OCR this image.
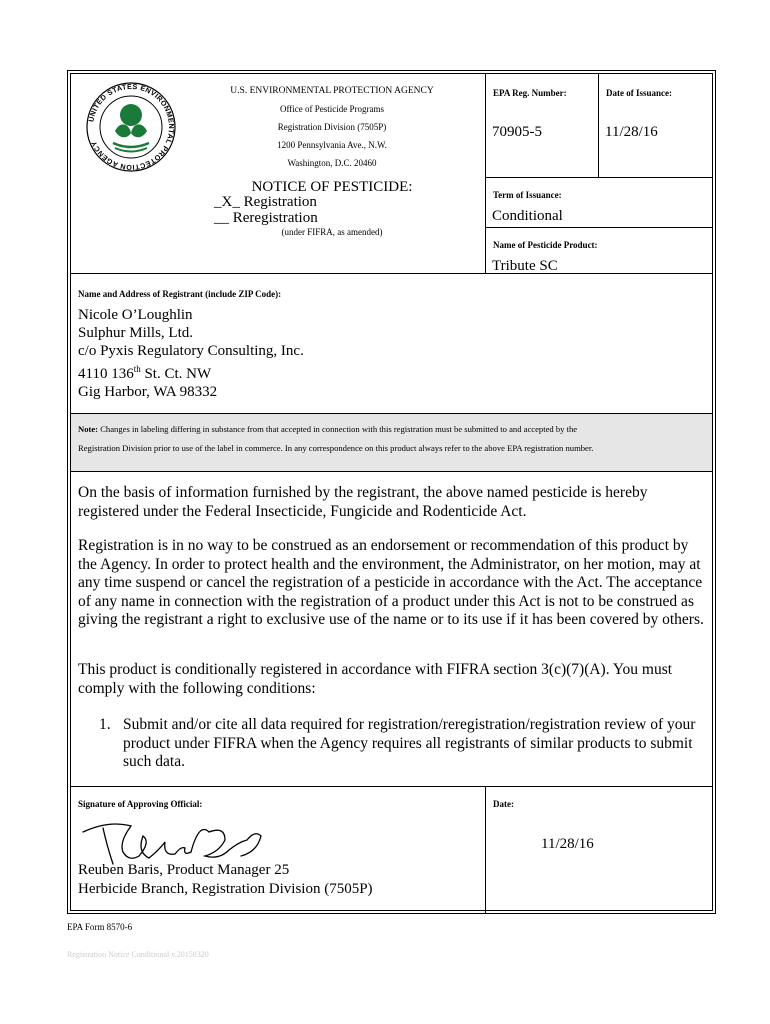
UNITED STATES ENVIRONMENTAL PROTECTION AGENCY
U.S. ENVIRONMENTAL PROTECTION AGENCY
Office of Pesticide Programs
Registration Division (7505P)
1200 Pennsylvania Ave., N.W.
Washington, D.C. 20460
NOTICE OF PESTICIDE:
_X_ Registration
__ Reregistration
(under FIFRA, as amended)
EPA Reg. Number:
70905-5
Date of Issuance:
11/28/16
Term of Issuance:
Conditional
Name of Pesticide Product:
Tribute SC
Name and Address of Registrant (include ZIP Code):
Nicole O’Loughlin
Sulphur Mills, Ltd.
c/o Pyxis Regulatory Consulting, Inc.
4110 136th St. Ct. NW
Gig Harbor, WA 98332
Note: Changes in labeling differing in substance from that accepted in connection with this registration must be submitted to and accepted by the
Registration Division prior to use of the label in commerce. In any correspondence on this product always refer to the above EPA registration number.
On the basis of information furnished by the registrant, the above named pesticide is hereby registered under the Federal Insecticide, Fungicide and Rodenticide Act.
Registration is in no way to be construed as an endorsement or recommendation of this product by the Agency. In order to protect health and the environment, the Administrator, on her motion, may at any time suspend or cancel the registration of a pesticide in accordance with the Act. The acceptance of any name in connection with the registration of a product under this Act is not to be construed as giving the registrant a right to exclusive use of the name or to its use if it has been covered by others.
This product is conditionally registered in accordance with FIFRA section 3(c)(7)(A). You must comply with the following conditions:
1. Submit and/or cite all data required for registration/reregistration/registration review of your product under FIFRA when the Agency requires all registrants of similar products to submit such data.
Signature of Approving Official:
Reuben Baris, Product Manager 25
Herbicide Branch, Registration Division (7505P)
Date:
11/28/16
EPA Form 8570-6
Registration Notice Conditional v.20150320
